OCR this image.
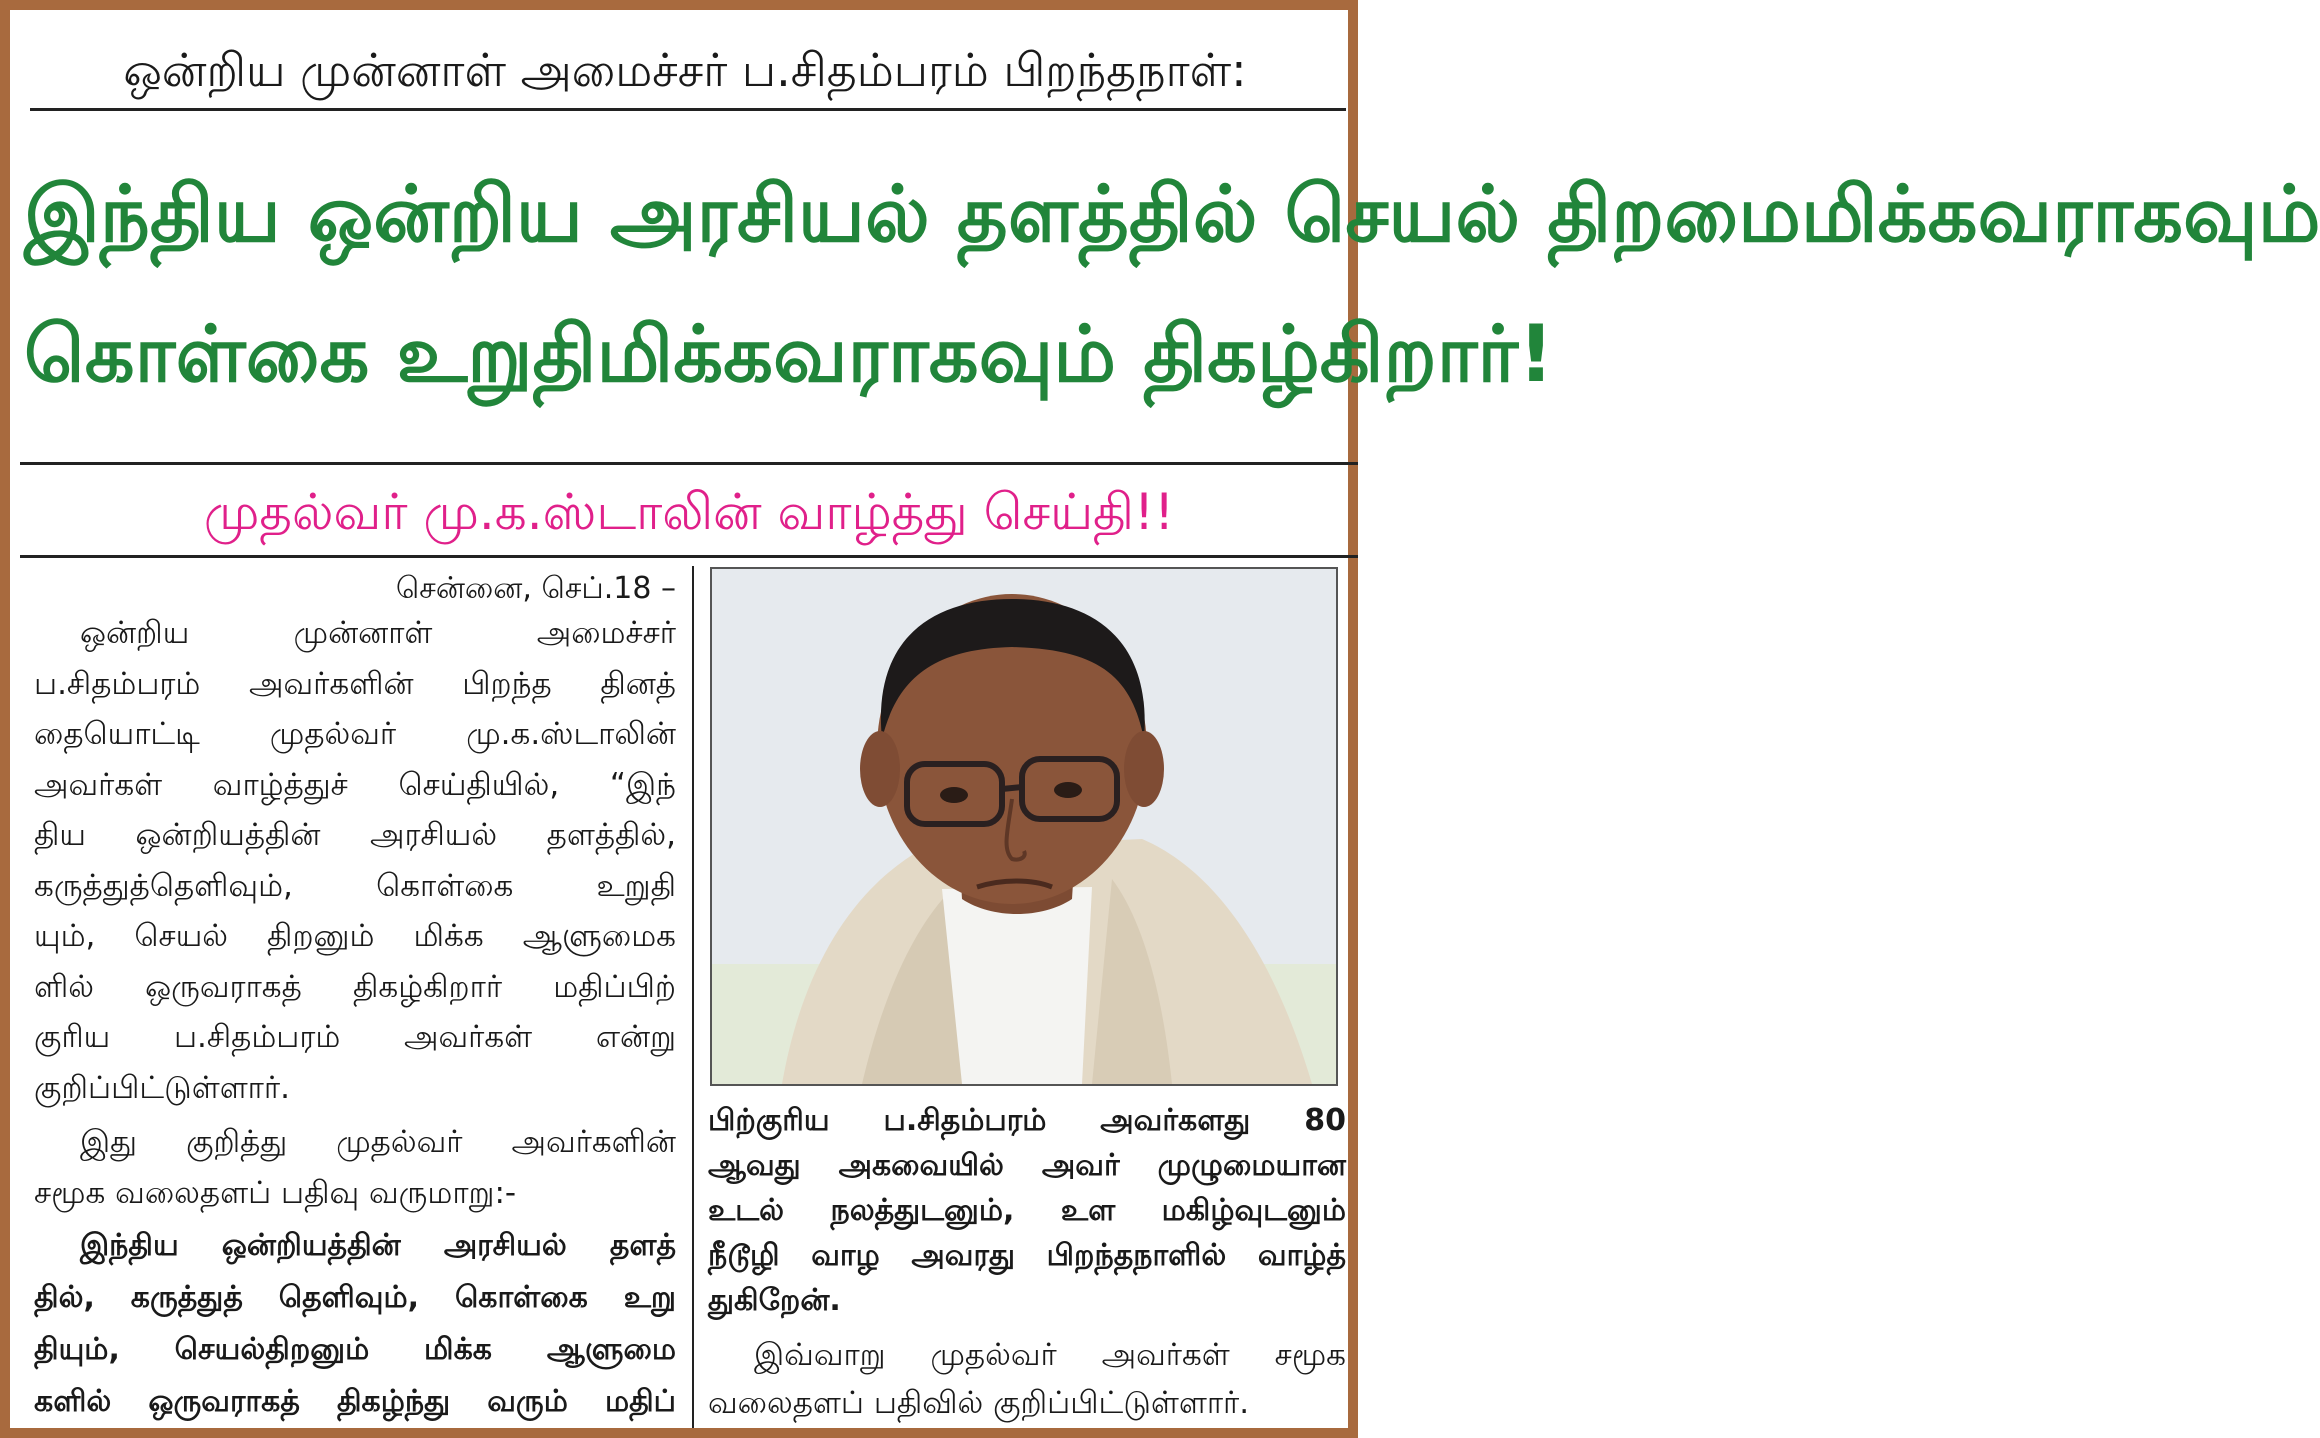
ஒன்றிய முன்னாள் அமைச்சர் ப.சிதம்பரம் பிறந்தநாள்:
இந்திய ஒன்றிய அரசியல் தளத்தில் செயல் திறமைமிக்கவராகவும்
கொள்கை உறுதிமிக்கவராகவும் திகழ்கிறார்!
முதல்வர் மு.க.ஸ்டாலின் வாழ்த்து செய்தி!!
சென்னை, செப்.18 –
ஒன்றிய முன்னாள் அமைச்சர்
ப.சிதம்பரம் அவர்களின் பிறந்த தினத்
தையொட்டி முதல்வர் மு.க.ஸ்டாலின்
அவர்கள் வாழ்த்துச் செய்தியில், “இந்
திய ஒன்றியத்தின் அரசியல் தளத்தில்,
கருத்துத்தெளிவும், கொள்கை உறுதி
யும், செயல் திறனும் மிக்க ஆளுமைக
ளில் ஒருவராகத் திகழ்கிறார் மதிப்பிற்
குரிய ப.சிதம்பரம் அவர்கள் என்று
குறிப்பிட்டுள்ளார்.
இது குறித்து முதல்வர் அவர்களின்
சமூக வலைதளப் பதிவு வருமாறு:-
இந்திய ஒன்றியத்தின் அரசியல் தளத்
தில், கருத்துத் தெளிவும், கொள்கை உறு
தியும், செயல்திறனும் மிக்க ஆளுமை
களில் ஒருவராகத் திகழ்ந்து வரும் மதிப்
பிற்குரிய ப.சிதம்பரம் அவர்களது 80
ஆவது அகவையில் அவர் முழுமையான
உடல் நலத்துடனும், உள மகிழ்வுடனும்
நீடூழி வாழ அவரது பிறந்தநாளில் வாழ்த்
துகிறேன்.
இவ்வாறு முதல்வர் அவர்கள் சமூக
வலைதளப் பதிவில் குறிப்பிட்டுள்ளார்.
